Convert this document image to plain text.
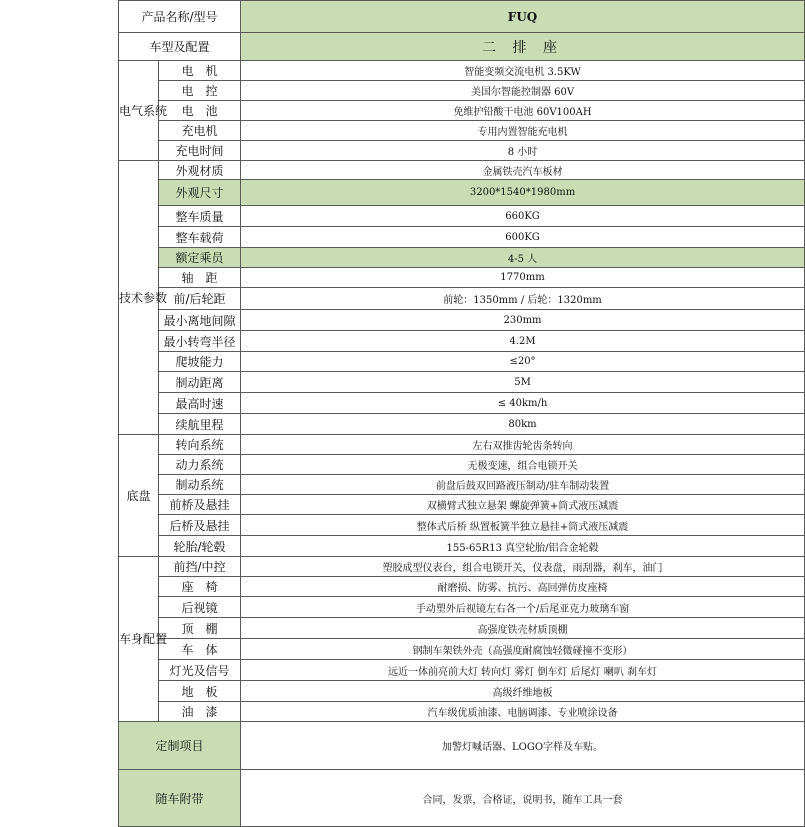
产品名称/型号		FUQ
车型及配置		二 排 座
电气系统	电　机	智能变频交流电机 3.5KW
	电　控	美国尔智能控制器 60V
	电　池	免维护铅酸干电池 60V100AH
	充电机	专用内置智能充电机
	充电时间	8 小时
技术参数	外观材质	金属铁壳汽车板材
	外观尺寸	3200*1540*1980mm
	整车质量	660KG
	整车载荷	600KG
	额定乘员	4-5 人
	轴　距	1770mm
	前/后轮距	前轮：1350mm / 后轮：1320mm
	最小离地间隙	230mm
	最小转弯半径	4.2M
	爬坡能力	≤20°
	制动距离	5M
	最高时速	≤ 40km/h
	续航里程	80km
底盘	转向系统	左右双推齿轮齿条转向
	动力系统	无极变速，组合电锁开关
	制动系统	前盘后鼓双回路液压制动/驻车制动装置
	前桥及悬挂	双横臂式独立悬架 螺旋弹簧+筒式液压减震
	后桥及悬挂	整体式后桥 纵置板簧半独立悬挂+筒式液压减震
	轮胎/轮毂	155-65R13 真空轮胎/铝合金轮毂
车身配置	前挡/中控	塑胶成型仪表台，组合电锁开关，仪表盘，雨刮器，刹车，油门
	座　椅	耐磨损、防雾、抗污、高回弹仿皮座椅
	后视镜	手动塑外后视镜左右各一个/后尾亚克力玻璃车窗
	顶　棚	高强度铁壳材质顶棚
	车　体	钢制车架铁外壳（高强度耐腐蚀轻微碰撞不变形）
	灯光及信号	远近一体前亮前大灯 转向灯 雾灯 倒车灯 后尾灯 喇叭 刹车灯
	地　板	高级纤维地板
	油　漆	汽车级优质油漆、电脑调漆、专业喷涂设备
定制项目		加警灯喊话器、LOGO字样及车贴。
随车附带		合同，发票，合格证，说明书，随车工具一套
